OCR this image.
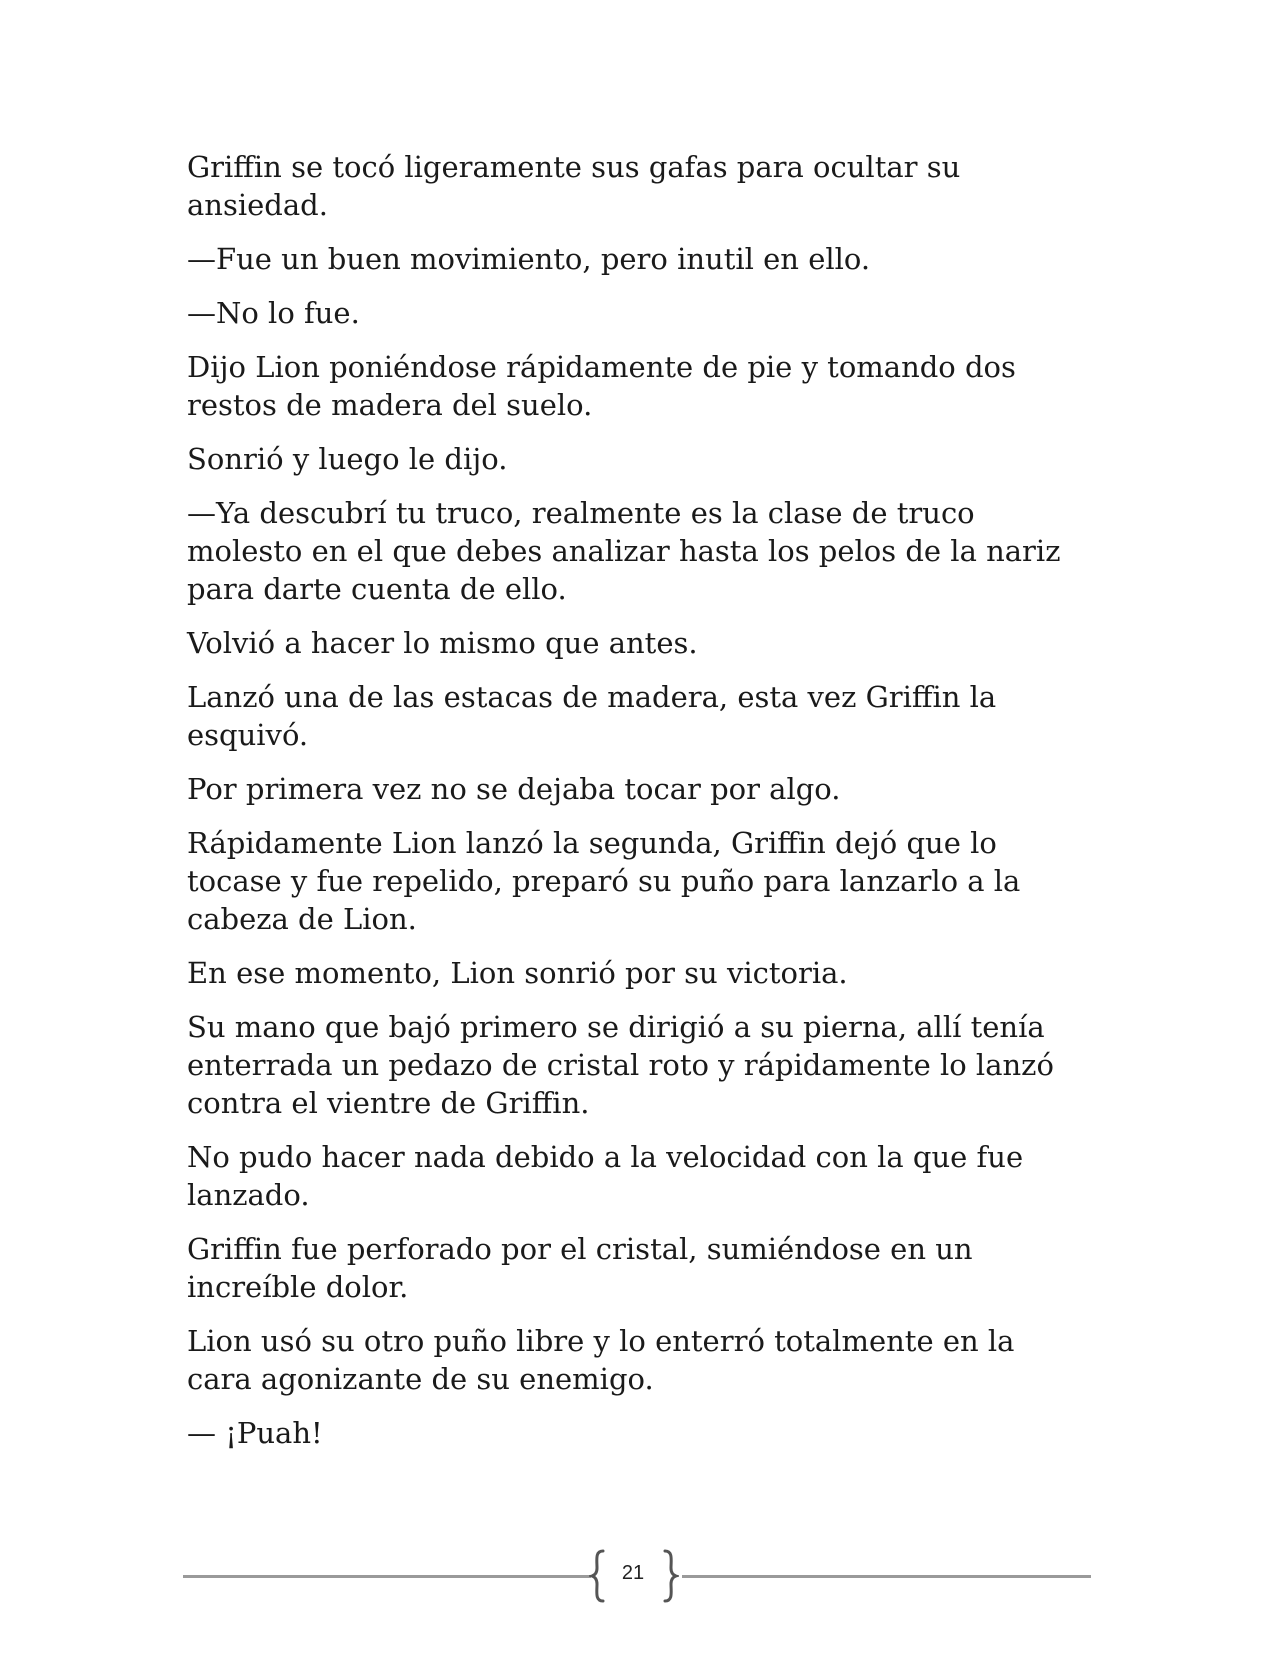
Griffin se tocó ligeramente sus gafas para ocultar su ansiedad.

—Fue un buen movimiento, pero inutil en ello.

—No lo fue.

Dijo Lion poniéndose rápidamente de pie y tomando dos restos de madera del suelo.

Sonrió y luego le dijo.

—Ya descubrí tu truco, realmente es la clase de truco molesto en el que debes analizar hasta los pelos de la nariz para darte cuenta de ello.

Volvió a hacer lo mismo que antes.

Lanzó una de las estacas de madera, esta vez Griffin la esquivó.

Por primera vez no se dejaba tocar por algo.

Rápidamente Lion lanzó la segunda, Griffin dejó que lo tocase y fue repelido, preparó su puño para lanzarlo a la cabeza de Lion.

En ese momento, Lion sonrió por su victoria.

Su mano que bajó primero se dirigió a su pierna, allí tenía enterrada un pedazo de cristal roto y rápidamente lo lanzó contra el vientre de Griffin.

No pudo hacer nada debido a la velocidad con la que fue lanzado.

Griffin fue perforado por el cristal, sumiéndose en un increíble dolor.

Lion usó su otro puño libre y lo enterró totalmente en la cara agonizante de su enemigo.

— ¡Puah!

21
